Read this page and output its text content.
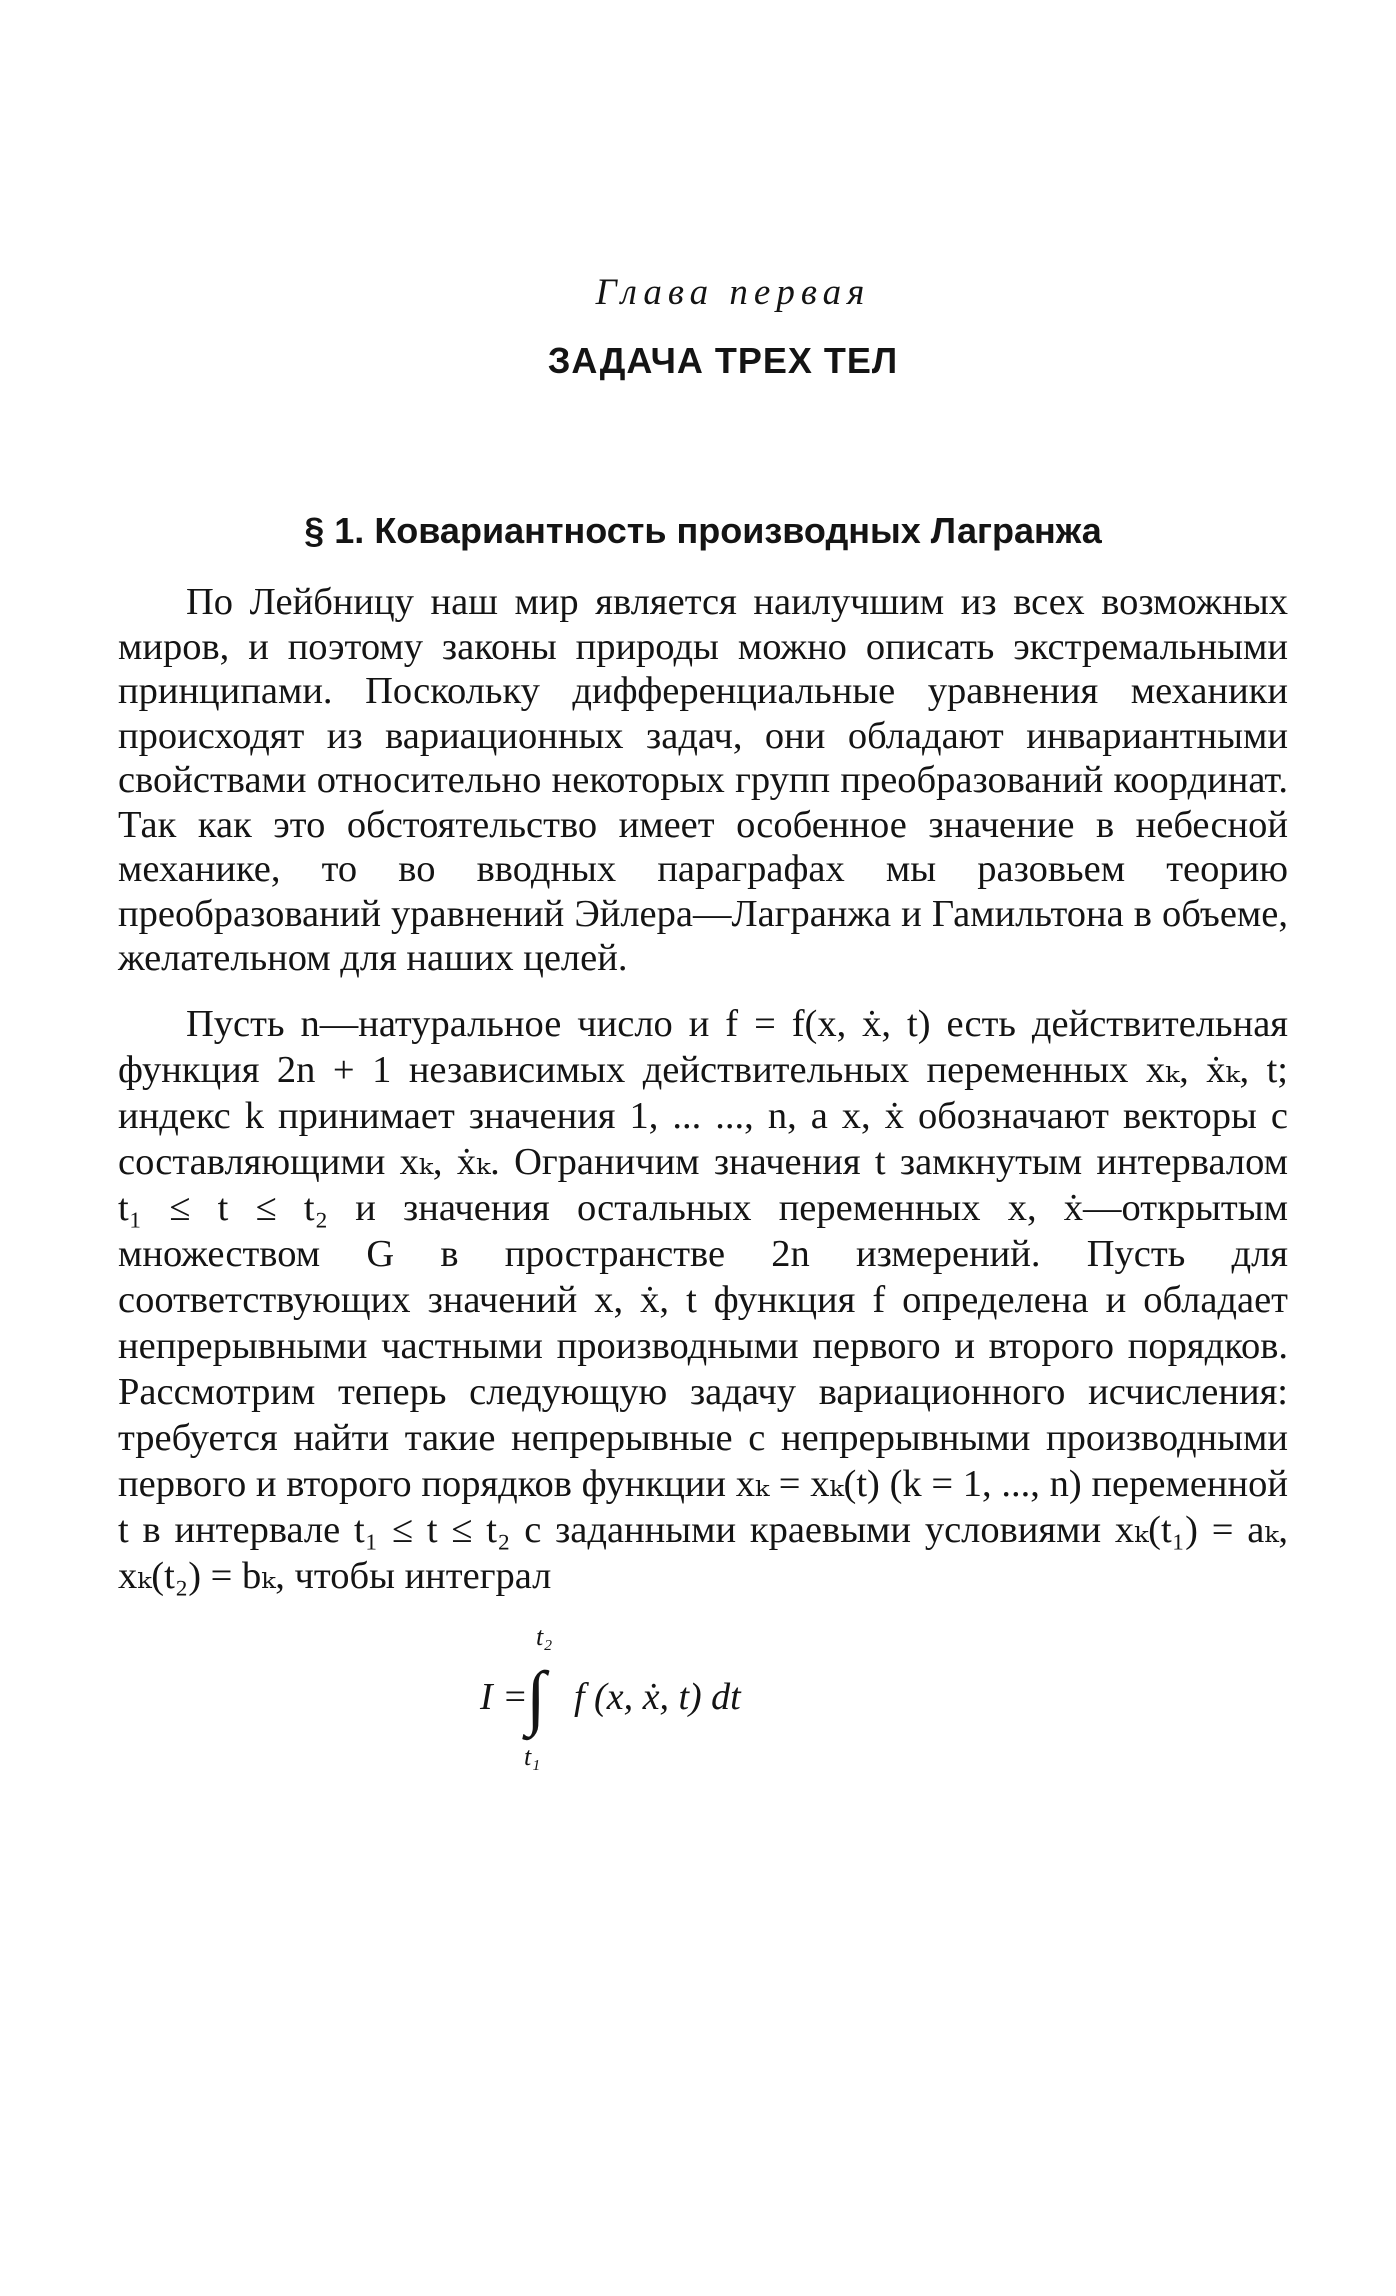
Глава первая
ЗАДАЧА ТРЕХ ТЕЛ
§ 1. Ковариантность производных Лагранжа

По Лейбницу наш мир является наилучшим из всех возможных миров, и поэтому законы природы можно описать экстремальными принципами. Поскольку дифференциальные уравнения механики происходят из вариационных задач, они обладают инвариантными свойствами относительно некоторых групп преобразований координат. Так как это обстоятельство имеет особенное значение в небесной механике, то во вводных параграфах мы разовьем теорию преобразований уравнений Эйлера—Лагранжа и Гамильтона в объеме, желательном для наших целей.

Пусть n—натуральное число и f = f(x, ẋ, t) есть действительная функция 2n + 1 независимых действительных переменных xₖ, ẋₖ, t; индекс k принимает значения 1, ... ..., n, а x, ẋ обозначают векторы с составляющими xₖ, ẋₖ. Ограничим значения t замкнутым интервалом t₁ ≤ t ≤ t₂ и значения остальных переменных x, ẋ—открытым множеством G в пространстве 2n измерений. Пусть для соответствующих значений x, ẋ, t функция f определена и обладает непрерывными частными производными первого и второго порядков. Рассмотрим теперь следующую задачу вариационного исчисления: требуется найти такие непрерывные с непрерывными производными первого и второго порядков функции xₖ = xₖ(t) (k = 1, ..., n) переменной t в интервале t₁ ≤ t ≤ t₂ с заданными краевыми условиями xₖ(t₁) = aₖ, xₖ(t₂) = bₖ, чтобы интеграл

I =
∫
t₂
t₁
f (x, ẋ, t) dt
